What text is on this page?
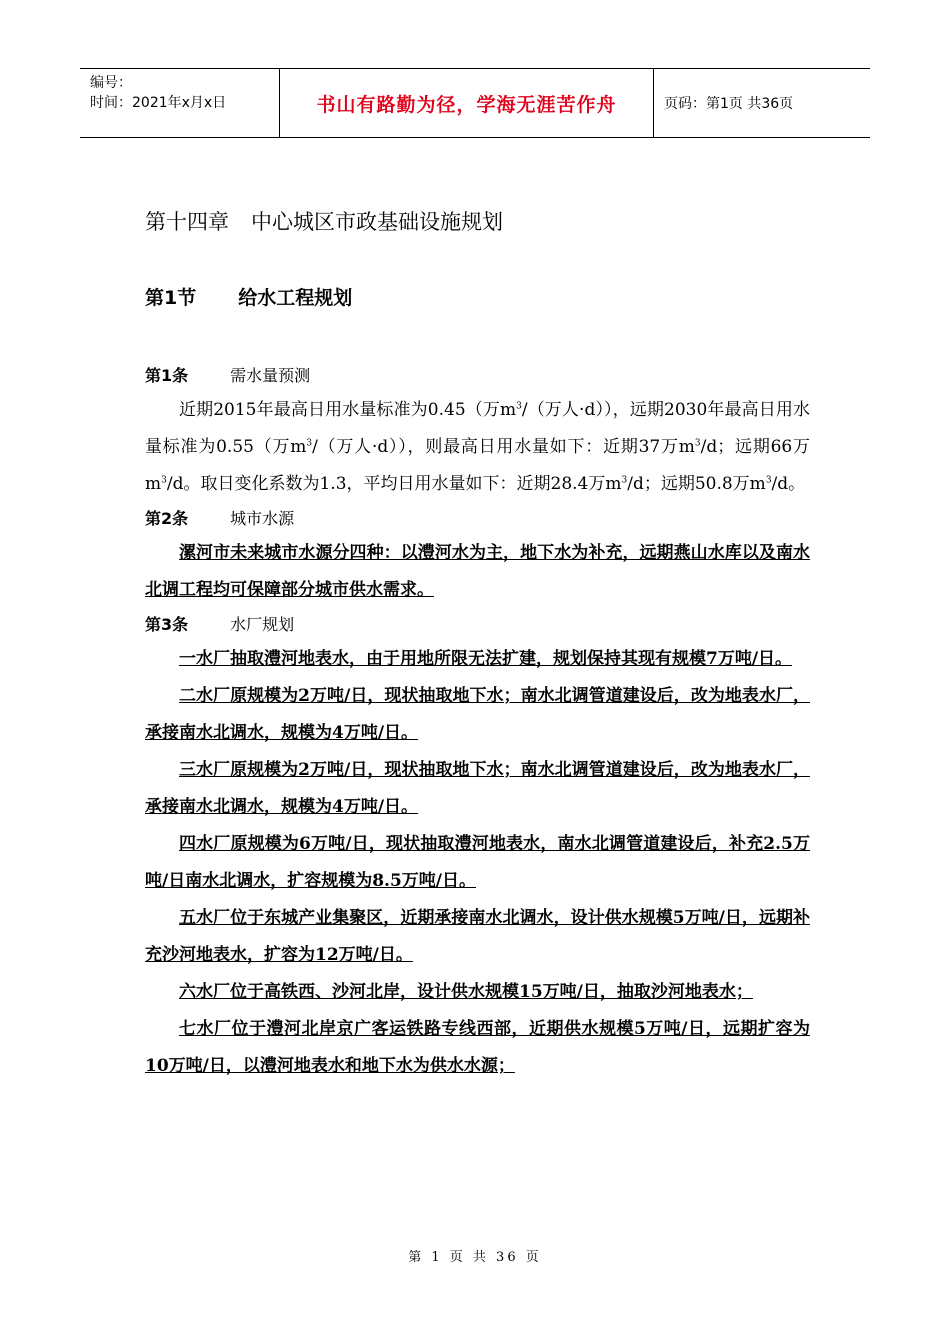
编号：
时间：2021年x月x日	书山有路勤为径，学海无涯苦作舟	页码：第1页 共36页
第十四章 中心城区市政基础设施规划
第1节 给水工程规划
第1条	需水量预测

近期2015年最高日用水量标准为0.45（万$m^3/$（万人·d）），远期2030年最高日用水量标准为0.55（万$m^3/$（万人·d）），则最高日用水量如下：近期37万$m^3/d$；远期66万$m^3/d$。取日变化系数为1.3，平均日用水量如下：近期28.4万$m^3/d$；远期50.8万$m^3/d$。

第2条	城市水源

漯河市未来城市水源分四种：以澧河水为主，地下水为补充，远期燕山水库以及南水北调工程均可保障部分城市供水需求。

第3条	水厂规划

一水厂抽取澧河地表水，由于用地所限无法扩建，规划保持其现有规模7万吨/日。

二水厂原规模为2万吨/日，现状抽取地下水；南水北调管道建设后，改为地表水厂，承接南水北调水，规模为4万吨/日。

三水厂原规模为2万吨/日，现状抽取地下水；南水北调管道建设后，改为地表水厂，承接南水北调水，规模为4万吨/日。

四水厂原规模为6万吨/日，现状抽取澧河地表水，南水北调管道建设后，补充2.5万吨/日南水北调水，扩容规模为8.5万吨/日。

五水厂位于东城产业集聚区，近期承接南水北调水，设计供水规模5万吨/日，远期补充沙河地表水，扩容为12万吨/日。

六水厂位于高铁西、沙河北岸，设计供水规模15万吨/日，抽取沙河地表水；

七水厂位于澧河北岸京广客运铁路专线西部，近期供水规模5万吨/日，远期扩容为10万吨/日，以澧河地表水和地下水为供水水源；

第 1 页 共 36 页
